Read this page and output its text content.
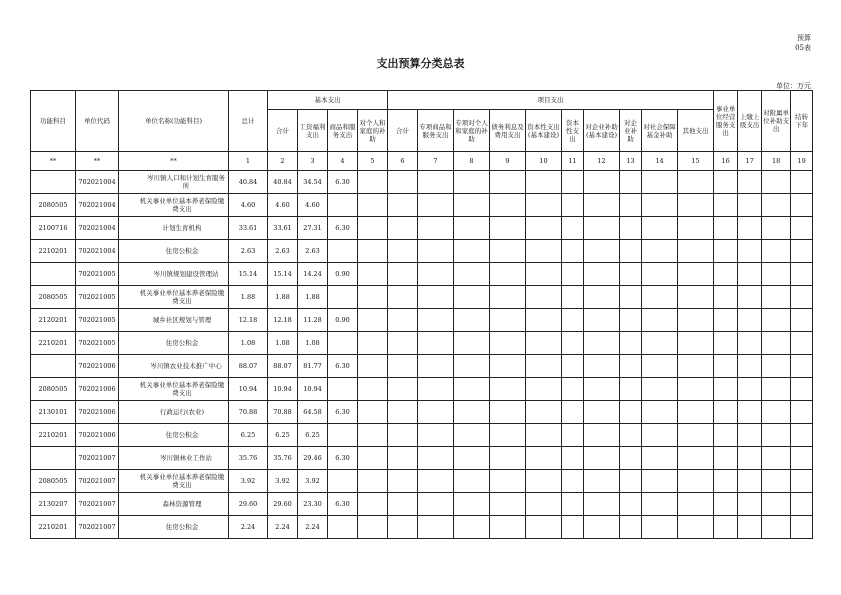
预算
05表
支出预算分类总表
单位：万元
功能科目	单位代码	单位名称(功能科目)	总计	基本支出				项目支出										事业单位经营服务支出	上缴上级支出	对附属单位补助支出	结转下年
				合计	工资福利支出	商品和服务支出	对个人和家庭的补助	合计	专项商品和服务支出	专项对个人和家庭的补助	债务利息及费用支出	资本性支出(基本建设)	资本性支出	对企业补助(基本建设)	对企业补助	对社会保障基金补助	其他支出				
**	**	**	1	2	3	4	5	6	7	8	9	10	11	12	13	14	15	16	17	18	19
	702021004	岑川镇人口和计划生育服务所	40.84	40.84	34.54	6.30															
2080505	702021004	机关事业单位基本养老保险缴费支出	4.60	4.60	4.60																
2100716	702021004	计划生育机构	33.61	33.61	27.31	6.30															
2210201	702021004	住房公积金	2.63	2.63	2.63																
	702021005	岑川镇规划建设管理站	15.14	15.14	14.24	0.90															
2080505	702021005	机关事业单位基本养老保险缴费支出	1.88	1.88	1.88																
2120201	702021005	城乡社区规划与管理	12.18	12.18	11.28	0.90															
2210201	702021005	住房公积金	1.08	1.08	1.08																
	702021006	岑川镇农业技术推广中心	88.07	88.07	81.77	6.30															
2080505	702021006	机关事业单位基本养老保险缴费支出	10.94	10.94	10.94																
2130101	702021006	行政运行(农业)	70.88	70.88	64.58	6.30															
2210201	702021006	住房公积金	6.25	6.25	6.25																
	702021007	岑川镇林业工作站	35.76	35.76	29.46	6.30															
2080505	702021007	机关事业单位基本养老保险缴费支出	3.92	3.92	3.92																
2130207	702021007	森林资源管理	29.60	29.60	23.30	6.30															
2210201	702021007	住房公积金	2.24	2.24	2.24																
